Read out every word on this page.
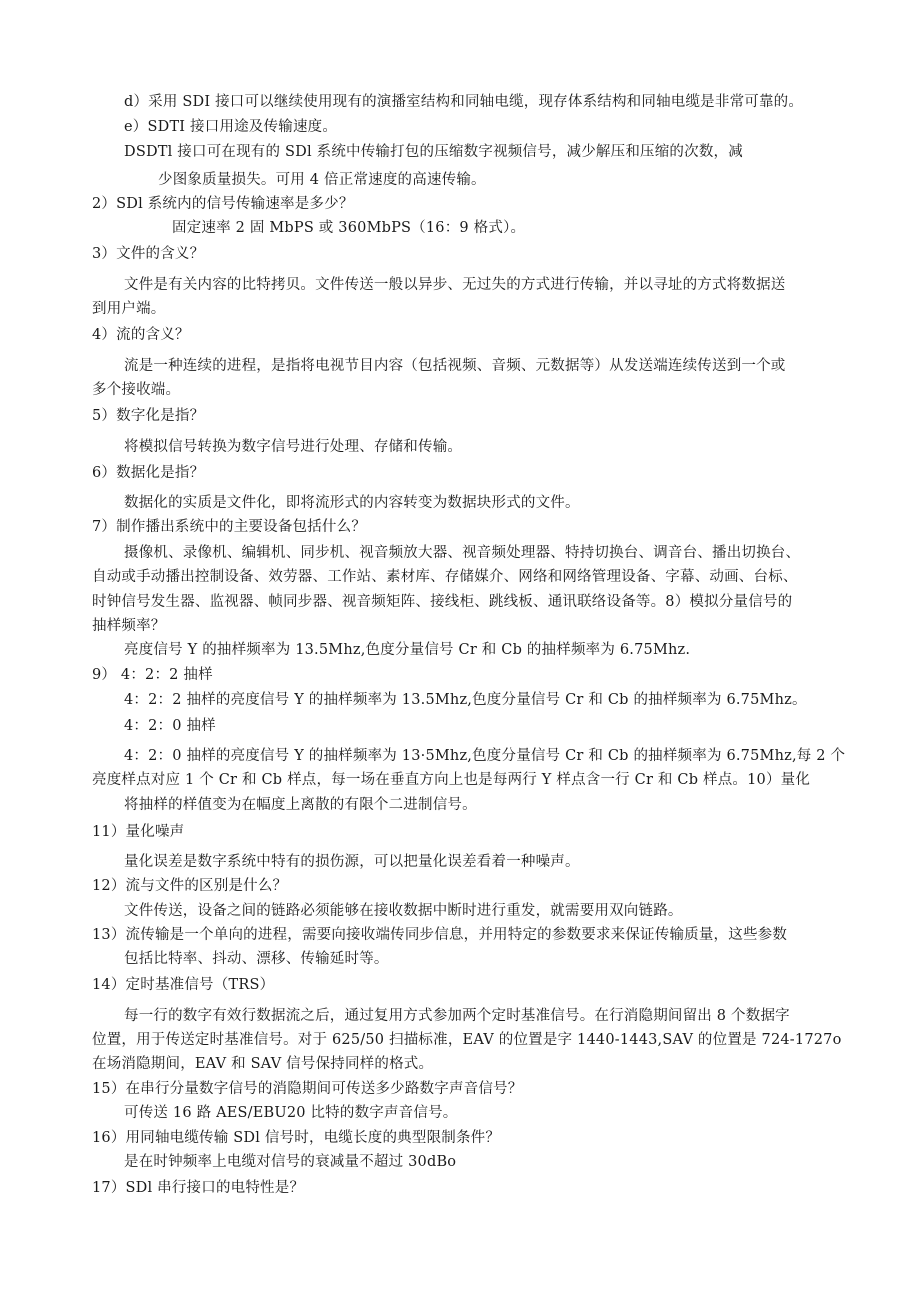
d）采用 SDI 接口可以继续使用现有的演播室结构和同轴电缆，现存体系结构和同轴电缆是非常可靠的。
e）SDTI 接口用途及传输速度。
DSDTl 接口可在现有的 SDl 系统中传输打包的压缩数字视频信号，减少解压和压缩的次数，减
少图象质量损失。可用 4 倍正常速度的高速传输。
2）SDl 系统内的信号传输速率是多少？
固定速率 2 固 MbPS 或 360MbPS（16：9 格式）。
3）文件的含义？
文件是有关内容的比特拷贝。文件传送一般以异步、无过失的方式进行传输，并以寻址的方式将数据送
到用户端。
4）流的含义？
流是一种连续的进程，是指将电视节目内容（包括视频、音频、元数据等）从发送端连续传送到一个或
多个接收端。
5）数字化是指？
将模拟信号转换为数字信号进行处理、存储和传输。
6）数据化是指？
数据化的实质是文件化，即将流形式的内容转变为数据块形式的文件。
7）制作播出系统中的主要设备包括什么？
摄像机、录像机、编辑机、同步机、视音频放大器、视音频处理器、特持切换台、调音台、播出切换台、
自动或手动播出控制设备、效劳器、工作站、素材库、存储媒介、网络和网络管理设备、字幕、动画、台标、
时钟信号发生器、监视器、帧同步器、视音频矩阵、接线柜、跳线板、通讯联络设备等。8）模拟分量信号的
抽样频率？
亮度信号 Y 的抽样频率为 13.5Mhz,色度分量信号 Cr 和 Cb 的抽样频率为 6.75Mhz.
9） 4：2：2 抽样
4：2：2 抽样的亮度信号 Y 的抽样频率为 13.5Mhz,色度分量信号 Cr 和 Cb 的抽样频率为 6.75Mhz。
4：2：0 抽样
4：2：0 抽样的亮度信号 Y 的抽样频率为 13·5Mhz,色度分量信号 Cr 和 Cb 的抽样频率为 6.75Mhz,每 2 个
亮度样点对应 1 个 Cr 和 Cb 样点，每一场在垂直方向上也是每两行 Y 样点含一行 Cr 和 Cb 样点。10）量化
将抽样的样值变为在幅度上离散的有限个二进制信号。
11）量化噪声
量化误差是数字系统中特有的损伤源，可以把量化误差看着一种噪声。
12）流与文件的区别是什么？
文件传送，设备之间的链路必须能够在接收数据中断时进行重发，就需要用双向链路。
13）流传输是一个单向的进程，需要向接收端传同步信息，并用特定的参数要求来保证传输质量，这些参数
包括比特率、抖动、漂移、传输延时等。
14）定时基准信号（TRS）
每一行的数字有效行数据流之后，通过复用方式参加两个定时基准信号。在行消隐期间留出 8 个数据字
位置，用于传送定时基准信号。对于 625/50 扫描标准，EAV 的位置是字 1440-1443,SAV 的位置是 724-1727o
在场消隐期间，EAV 和 SAV 信号保持同样的格式。
15）在串行分量数字信号的消隐期间可传送多少路数字声音信号？
可传送 16 路 AES/EBU20 比特的数字声音信号。
16）用同轴电缆传输 SDl 信号时，电缆长度的典型限制条件？
是在时钟频率上电缆对信号的衰减量不超过 30dBo
17）SDl 串行接口的电特性是？
